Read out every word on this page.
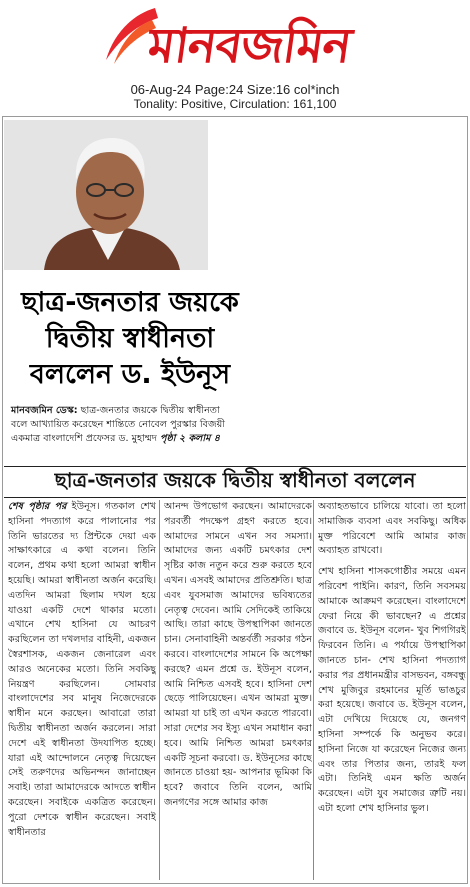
মানবজমিন
06-Aug-24 Page:24 Size:16 col*inch
Tonality: Positive, Circulation: 161,100
ছাত্র-জনতার জয়কে
দ্বিতীয় স্বাধীনতা
বললেন ড. ইউনূস
মানবজমিন ডেস্ক: ছাত্র-জনতার জয়কে দ্বিতীয় স্বাধীনতা বলে আখ্যায়িত করেছেন শান্তিতে নোবেল পুরস্কার বিজয়ী একমাত্র বাংলাদেশি প্রফেসর ড. মুহাম্মদ পৃষ্ঠা ২ কলাম ৪
ছাত্র-জনতার জয়কে দ্বিতীয় স্বাধীনতা বললেন

শেষ পৃষ্ঠার পর ইউনূস। গতকাল শেখ হাসিনা পদত্যাগ করে পালানোর পর তিনি ভারতের দ্য প্রিন্টকে দেয়া এক সাক্ষাৎকারে এ কথা বলেন। তিনি বলেন, প্রথম কথা হলো আমরা স্বাধীন হয়েছি। আমরা স্বাধীনতা অর্জন করেছি। এতদিন আমরা ছিলাম দখল হয়ে যাওয়া একটি দেশে থাকার মতো। এখানে শেখ হাসিনা যে আচরণ করছিলেন তা দখলদার বাহিনী, একজন স্বৈরশাসক, একজন জেনারেল এবং আরও অনেকের মতো। তিনি সবকিছু নিয়ন্ত্রণ করছিলেন। সোমবার বাংলাদেশের সব মানুষ নিজেদেরকে স্বাধীন মনে করছেন। আবারো তারা দ্বিতীয় স্বাধীনতা অর্জন করলেন। সারা দেশে এই স্বাধীনতা উদযাপিত হচ্ছে। যারা এই আন্দোলনে নেতৃত্ব দিয়েছেন সেই তরুণদের অভিনন্দন জানাচ্ছেন সবাই। তারা আমাদেরকে আদতে স্বাধীন করেছেন। সবাইকে একত্রিত করেছেন। পুরো দেশকে স্বাধীন করেছেন। সবাই স্বাধীনতার

আনন্দ উপভোগ করছেন। আমাদেরকে পরবর্তী পদক্ষেপ গ্রহণ করতে হবে। আমাদের সামনে এখন সব সমস্যা। আমাদের জন্য একটি চমৎকার দেশ সৃষ্টির কাজ নতুন করে শুরু করতে হবে এখন। এসবই আমাদের প্রতিশ্রুতি। ছাত্র এবং যুবসমাজ আমাদের ভবিষ্যতের নেতৃত্ব দেবেন। আমি সেদিকেই তাকিয়ে আছি। তারা কাছে উপস্থাপিকা জানতে চান। সেনাবাহিনী অন্তর্বর্তী সরকার গঠন করবে। বাংলাদেশের সামনে কি অপেক্ষা করছে? এমন প্রশ্নে ড. ইউনূস বলেন, আমি নিশ্চিত এসবই হবে। হাসিনা দেশ ছেড়ে পালিয়েছেন। এখন আমরা মুক্ত। আমরা যা চাই তা এখন করতে পারবো। সারা দেশের সব ইস্যু এখন সমাধান করা হবে। আমি নিশ্চিত আমরা চমৎকার একটি সূচনা করবো। ড. ইউনূসের কাছে জানতে চাওয়া হয়- আপনার ভূমিকা কি হবে? জবাবে তিনি বলেন, আমি জনগণের সঙ্গে আমার কাজ

অব্যাহতভাবে চালিয়ে যাবো। তা হলো সামাজিক ব্যবসা এবং সবকিছু। অধিক মুক্ত পরিবেশে আমি আমার কাজ অব্যাহত রাখবো।

শেখ হাসিনা শাসকগোষ্ঠীর সময়ে এমন পরিবেশ পাইনি। কারণ, তিনি সবসময় আমাকে আক্রমণ করেছেন। বাংলাদেশে ফেরা নিয়ে কী ভাবছেন? এ প্রশ্নের জবাবে ড. ইউনূস বলেন- খুব শিগগিরই ফিরবেন তিনি। এ পর্যায়ে উপস্থাপিকা জানতে চান- শেখ হাসিনা পদত্যাগ করার পর প্রধানমন্ত্রীর বাসভবন, বঙ্গবন্ধু শেখ মুজিবুর রহমানের মূর্তি ভাঙচুর করা হয়েছে। জবাবে ড. ইউনূস বলেন, এটা দেখিয়ে দিয়েছে যে, জনগণ হাসিনা সম্পর্কে কি অনুভব করে। হাসিনা নিজে যা করেছেন নিজের জন্য এবং তার পিতার জন্য, তারই ফল এটা। তিনিই এমন ক্ষতি অর্জন করেছেন। এটা যুব সমাজের ত্রুটি নয়। এটা হলো শেখ হাসিনার ভুল।
